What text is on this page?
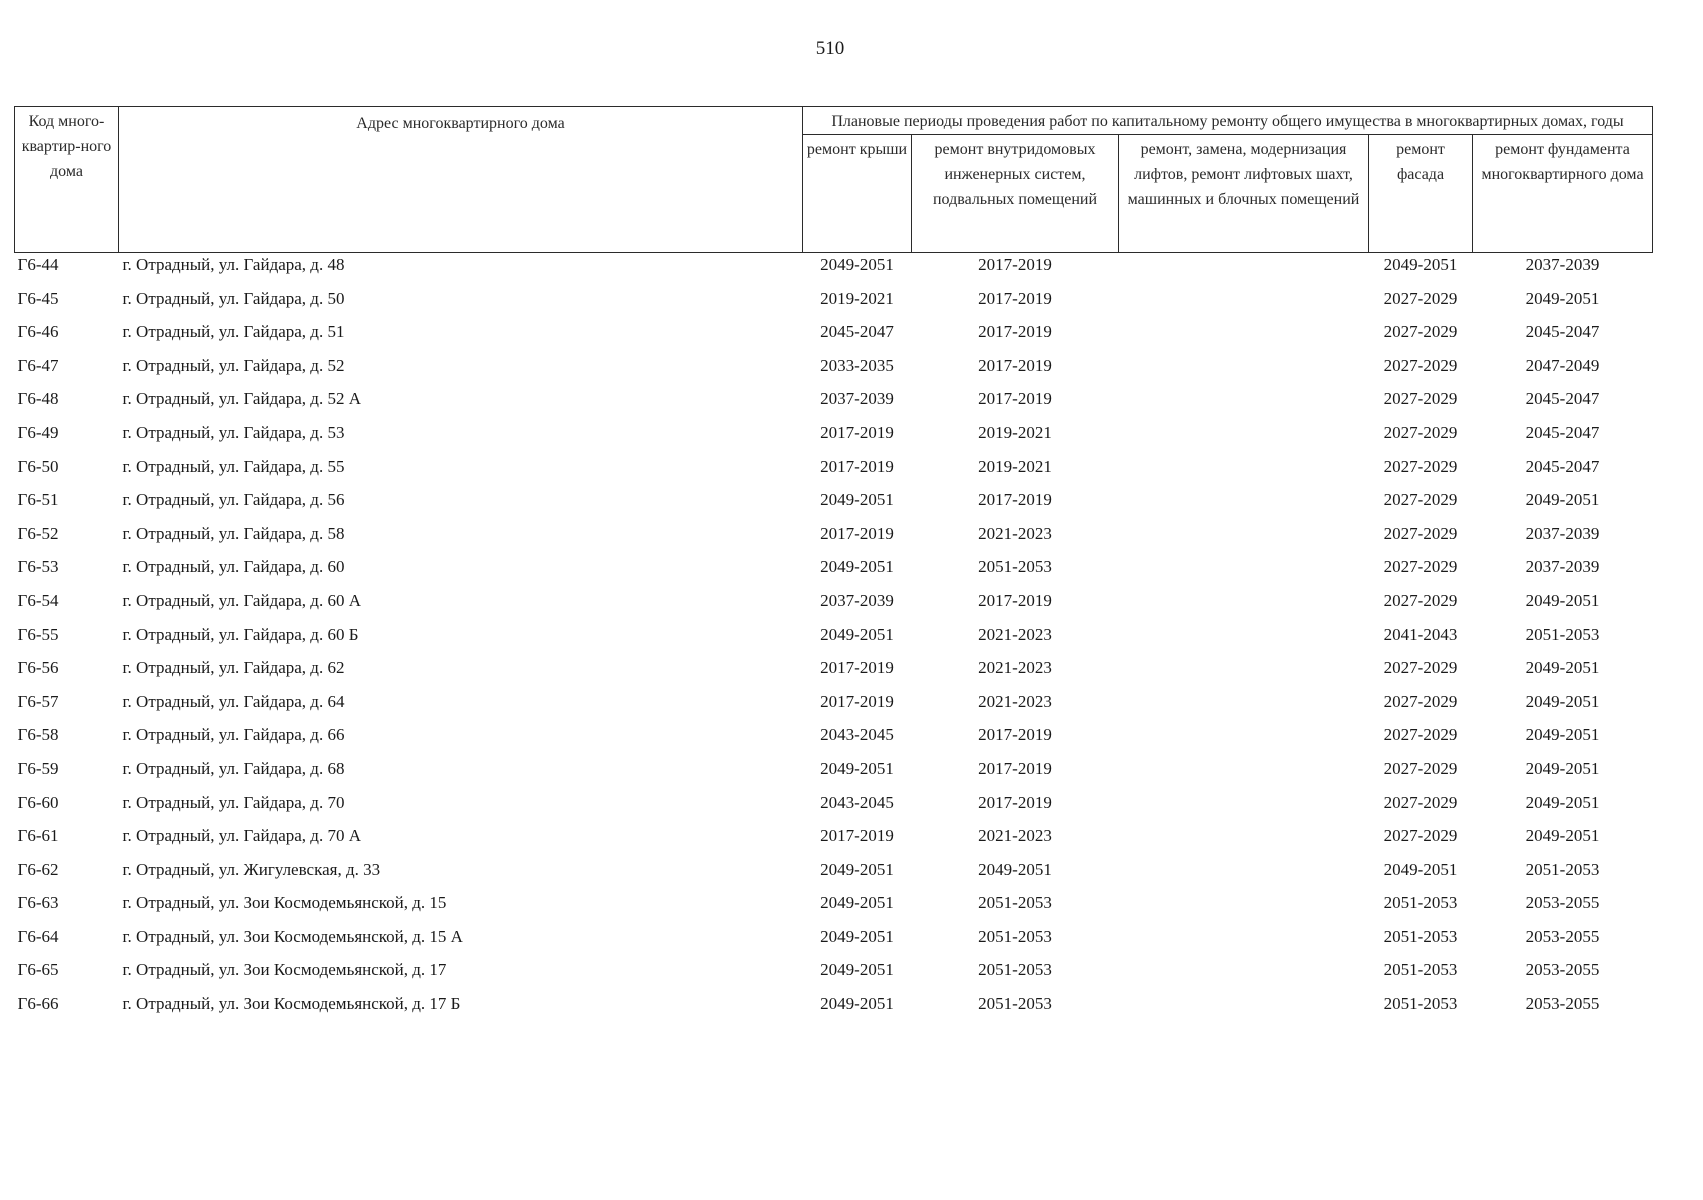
510
Код много-квартир-ного дома	Адрес многоквартирного дома	Плановые периоды проведения работ по капитальному ремонту общего имущества в многоквартирных домах, годы				
		ремонт крыши	ремонт внутридомовых инженерных систем, подвальных помещений	ремонт, замена, модернизация лифтов, ремонт лифтовых шахт, машинных и блочных помещений	ремонт фасада	ремонт фундамента многоквартирного дома
Г6-44	г. Отрадный, ул. Гайдара, д. 48	2049-2051	2017-2019		2049-2051	2037-2039
Г6-45	г. Отрадный, ул. Гайдара, д. 50	2019-2021	2017-2019		2027-2029	2049-2051
Г6-46	г. Отрадный, ул. Гайдара, д. 51	2045-2047	2017-2019		2027-2029	2045-2047
Г6-47	г. Отрадный, ул. Гайдара, д. 52	2033-2035	2017-2019		2027-2029	2047-2049
Г6-48	г. Отрадный, ул. Гайдара, д. 52 А	2037-2039	2017-2019		2027-2029	2045-2047
Г6-49	г. Отрадный, ул. Гайдара, д. 53	2017-2019	2019-2021		2027-2029	2045-2047
Г6-50	г. Отрадный, ул. Гайдара, д. 55	2017-2019	2019-2021		2027-2029	2045-2047
Г6-51	г. Отрадный, ул. Гайдара, д. 56	2049-2051	2017-2019		2027-2029	2049-2051
Г6-52	г. Отрадный, ул. Гайдара, д. 58	2017-2019	2021-2023		2027-2029	2037-2039
Г6-53	г. Отрадный, ул. Гайдара, д. 60	2049-2051	2051-2053		2027-2029	2037-2039
Г6-54	г. Отрадный, ул. Гайдара, д. 60 А	2037-2039	2017-2019		2027-2029	2049-2051
Г6-55	г. Отрадный, ул. Гайдара, д. 60 Б	2049-2051	2021-2023		2041-2043	2051-2053
Г6-56	г. Отрадный, ул. Гайдара, д. 62	2017-2019	2021-2023		2027-2029	2049-2051
Г6-57	г. Отрадный, ул. Гайдара, д. 64	2017-2019	2021-2023		2027-2029	2049-2051
Г6-58	г. Отрадный, ул. Гайдара, д. 66	2043-2045	2017-2019		2027-2029	2049-2051
Г6-59	г. Отрадный, ул. Гайдара, д. 68	2049-2051	2017-2019		2027-2029	2049-2051
Г6-60	г. Отрадный, ул. Гайдара, д. 70	2043-2045	2017-2019		2027-2029	2049-2051
Г6-61	г. Отрадный, ул. Гайдара, д. 70 А	2017-2019	2021-2023		2027-2029	2049-2051
Г6-62	г. Отрадный, ул. Жигулевская, д. 33	2049-2051	2049-2051		2049-2051	2051-2053
Г6-63	г. Отрадный, ул. Зои Космодемьянской, д. 15	2049-2051	2051-2053		2051-2053	2053-2055
Г6-64	г. Отрадный, ул. Зои Космодемьянской, д. 15 А	2049-2051	2051-2053		2051-2053	2053-2055
Г6-65	г. Отрадный, ул. Зои Космодемьянской, д. 17	2049-2051	2051-2053		2051-2053	2053-2055
Г6-66	г. Отрадный, ул. Зои Космодемьянской, д. 17 Б	2049-2051	2051-2053		2051-2053	2053-2055
